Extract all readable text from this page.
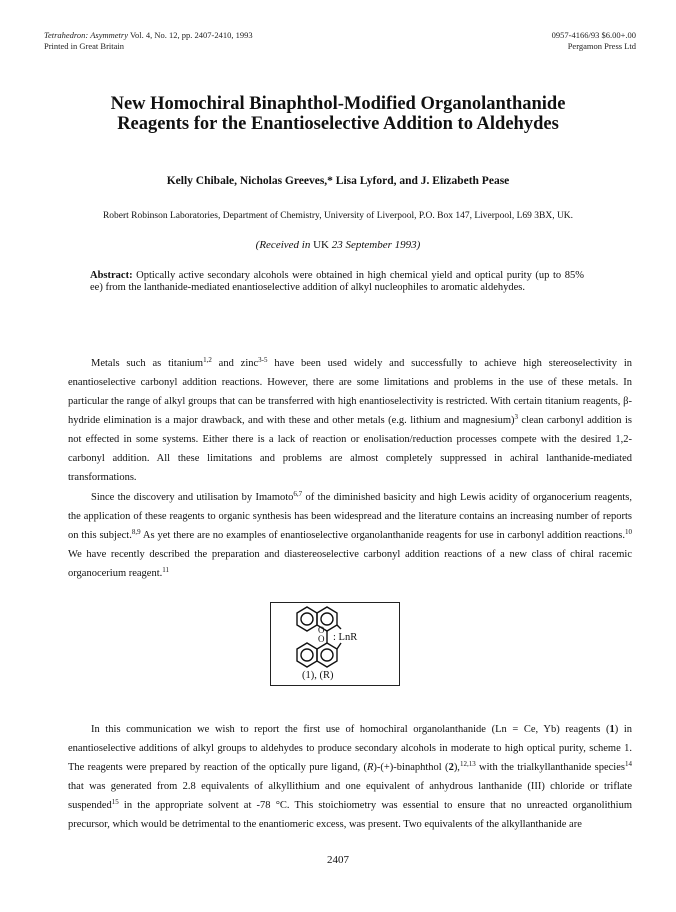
Tetrahedron: Asymmetry Vol. 4, No. 12, pp. 2407-2410, 1993
Printed in Great Britain
0957-4166/93 $6.00+.00
Pergamon Press Ltd
New Homochiral Binaphthol-Modified Organolanthanide
Reagents for the Enantioselective Addition to Aldehydes
Kelly Chibale, Nicholas Greeves,* Lisa Lyford, and J. Elizabeth Pease
Robert Robinson Laboratories, Department of Chemistry, University of Liverpool, P.O. Box 147, Liverpool, L69 3BX, UK.
(Received in UK 23 September 1993)
Abstract: Optically active secondary alcohols were obtained in high chemical yield and optical purity (up to 85% ee) from the lanthanide-mediated enantioselective addition of alkyl nucleophiles to aromatic aldehydes.

Metals such as titanium$^{1,2}$ and zinc$^{3-5}$ have been used widely and successfully to achieve high stereoselectivity in enantioselective carbonyl addition reactions. However, there are some limitations and problems in the use of these metals. In particular the range of alkyl groups that can be transferred with high enantioselectivity is restricted. With certain titanium reagents, β-hydride elimination is a major drawback, and with these and other metals (e.g. lithium and magnesium)$^3$ clean carbonyl addition is not effected in some systems. Either there is a lack of reaction or enolisation/reduction processes compete with the desired 1,2-carbonyl addition. All these limitations and problems are almost completely suppressed in achiral lanthanide-mediated transformations.

Since the discovery and utilisation by Imamoto$^{6,7}$ of the diminished basicity and high Lewis acidity of organocerium reagents, the application of these reagents to organic synthesis has been widespread and the literature contains an increasing number of reports on this subject.$^{8,9}$ As yet there are no examples of enantioselective organolanthanide reagents for use in carbonyl addition reactions.$^{10}$ We have recently described the preparation and diastereoselective carbonyl addition reactions of a new class of chiral racemic organocerium reagent.$^{11}$

O
O : LnR
(1), (R)

In this communication we wish to report the first use of homochiral organolanthanide (Ln = Ce, Yb) reagents (1) in enantioselective additions of alkyl groups to aldehydes to produce secondary alcohols in moderate to high optical purity, scheme 1. The reagents were prepared by reaction of the optically pure ligand, (R)-(+)-binaphthol (2),$^{12,13}$ with the trialkyllanthanide species$^{14}$ that was generated from 2.8 equivalents of alkyllithium and one equivalent of anhydrous lanthanide (III) chloride or triflate suspended$^{15}$ in the appropriate solvent at -78 °C. This stoichiometry was essential to ensure that no unreacted organolithium precursor, which would be detrimental to the enantiomeric excess, was present. Two equivalents of the alkyllanthanide are

2407
